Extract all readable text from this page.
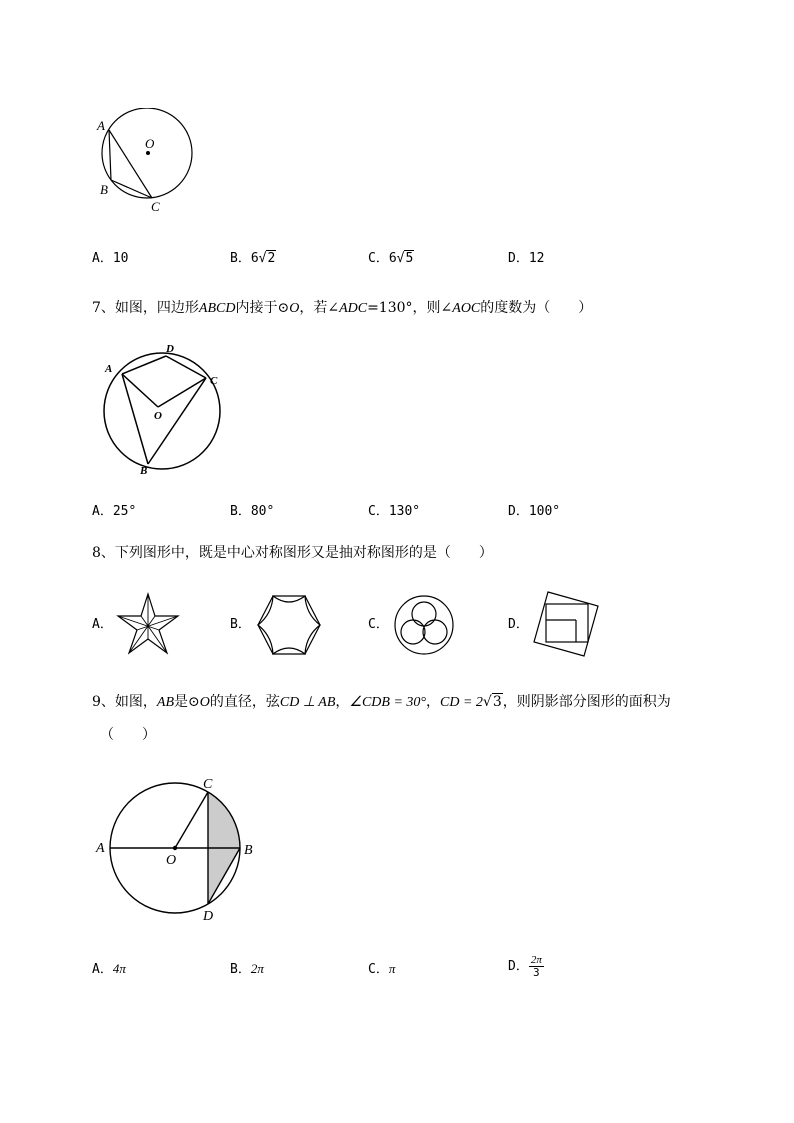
A
O
B
C
A．10	B．6√2	C．6√5	D．12
7、如图，四边形ABCD内接于⊙O，若∠ADC=130°，则∠AOC的度数为（　　）
A
D
C
O
B
A．25°	B．80°	C．130°	D．100°
8、下列图形中，既是中心对称图形又是抽对称图形的是（　　）
A．	B．	C．	D．
9、如图，AB是⊙O的直径，弦CD ⊥ AB，∠CDB = 30°，CD = 2√3，则阴影部分图形的面积为
（　　）
C
A
O
B
D
A．4π	B．2π	C．π	D． $\frac{2\pi}{3}$
